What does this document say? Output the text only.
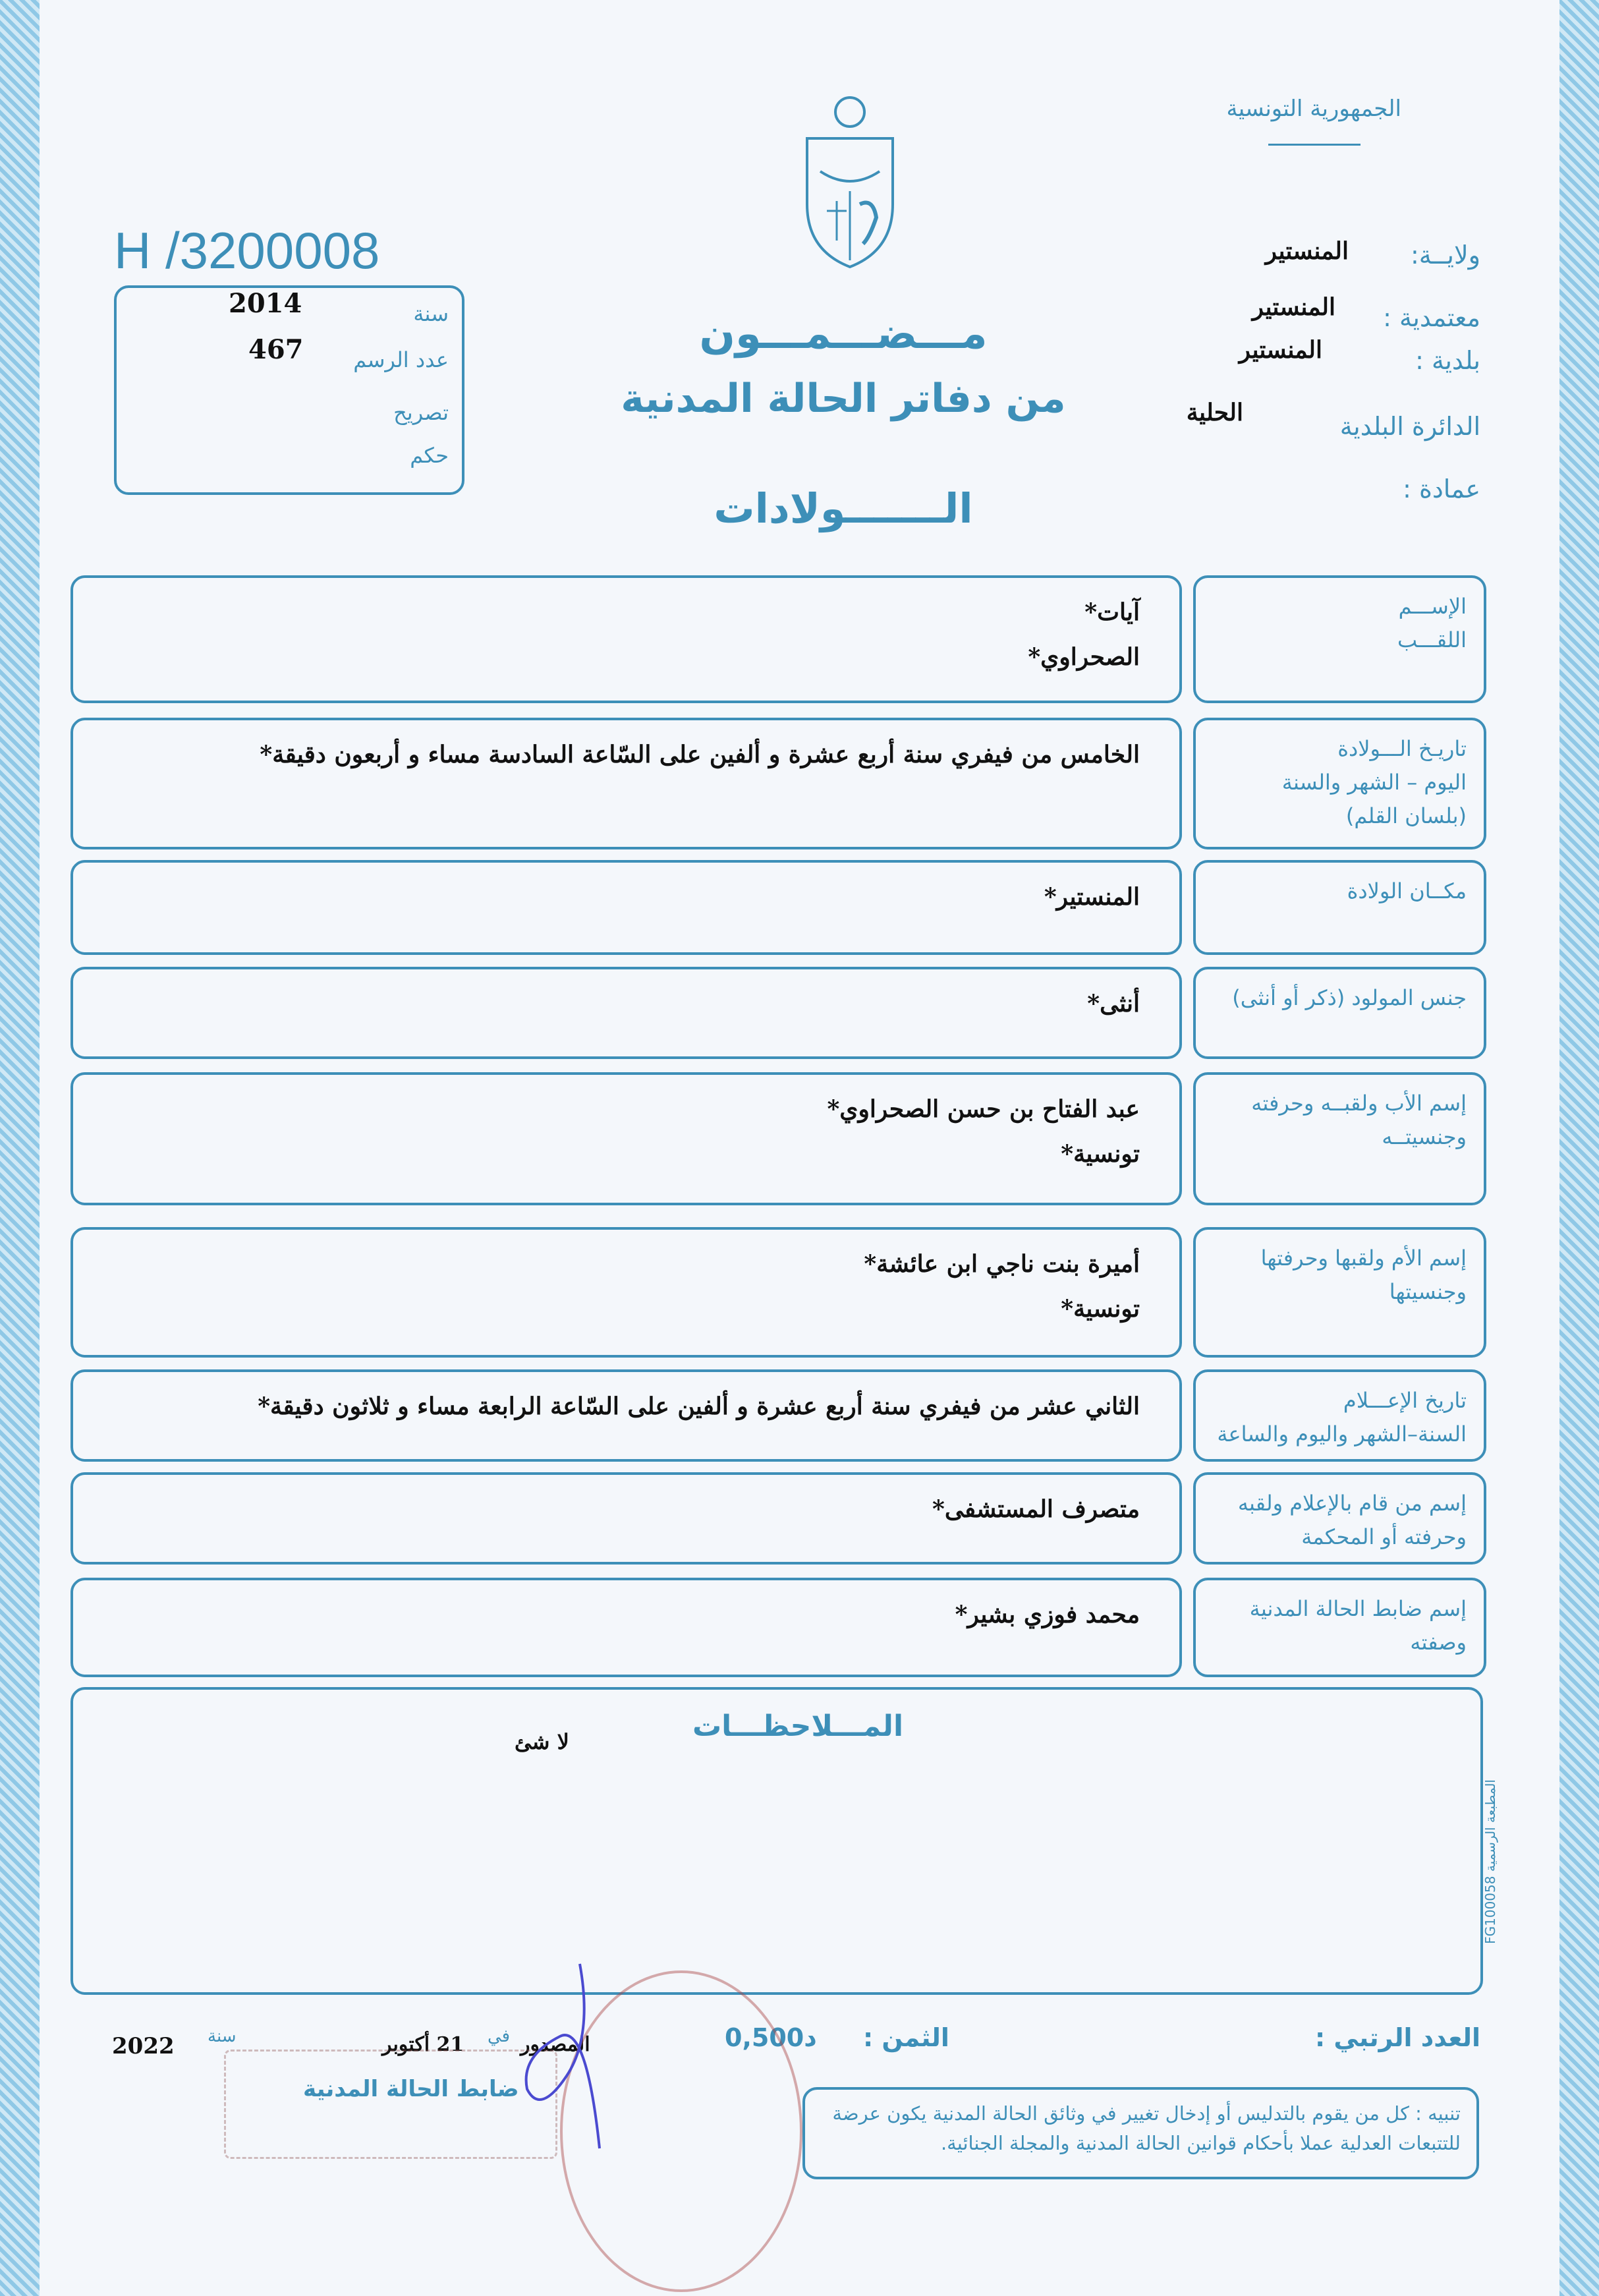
الجمهورية التونسية
H /3200008
سنة
2014
عدد الرسم
467
تصريح
حكم
ولايــة:
المنستير
معتمدية :
المنستير
بلدية :
المنستير
الدائرة البلدية
الحلية
عمادة :
مـــضـــمـــون
من دفاتر الحالة المدنية
الـــــــولادات
الإســـم
اللقـــب
آيات*
الصحراوي*
تاريـخ الـــولادة
اليوم – الشهر والسنة
(بلسان القلم)
الخامس من فيفري سنة أربع عشرة و ألفين على السّاعة السادسة مساء و أربعون دقيقة*
مكــان الولادة
المنستير*
جنس المولود (ذكر أو أنثى)
أنثى*
إسم الأب ولقبــه وحرفته
وجنسيتــه
عبد الفتاح بن حسن الصحراوي*
تونسية*
إسم الأم ولقبها وحرفتها
وجنسيتها
أميرة بنت ناجي ابن عائشة*
تونسية*
تاريخ الإعـــلام
السنة–الشهر واليوم والساعة
الثاني عشر من فيفري سنة أربع عشرة و ألفين على السّاعة الرابعة مساء و ثلاثون دقيقة*
إسم من قام بالإعلام ولقبه
وحرفته أو المحكمة
متصرف المستشفى*
إسم ضابط الحالة المدنية
وصفته
محمد فوزي بشير*
المـــلاحظـــات
لا شئ
المطبعة الرسمية FG100058
العدد الرتبي :
الثمن :
0,500د
المصدور
في
21 أكتوبر
سنة
2022
ضابط الحالة المدنية
تنبيه : كل من يقوم بالتدليس أو إدخال تغيير في وثائق الحالة المدنية يكون عرضة للتتبعات العدلية عملا بأحكام قوانين الحالة المدنية والمجلة الجنائية.
